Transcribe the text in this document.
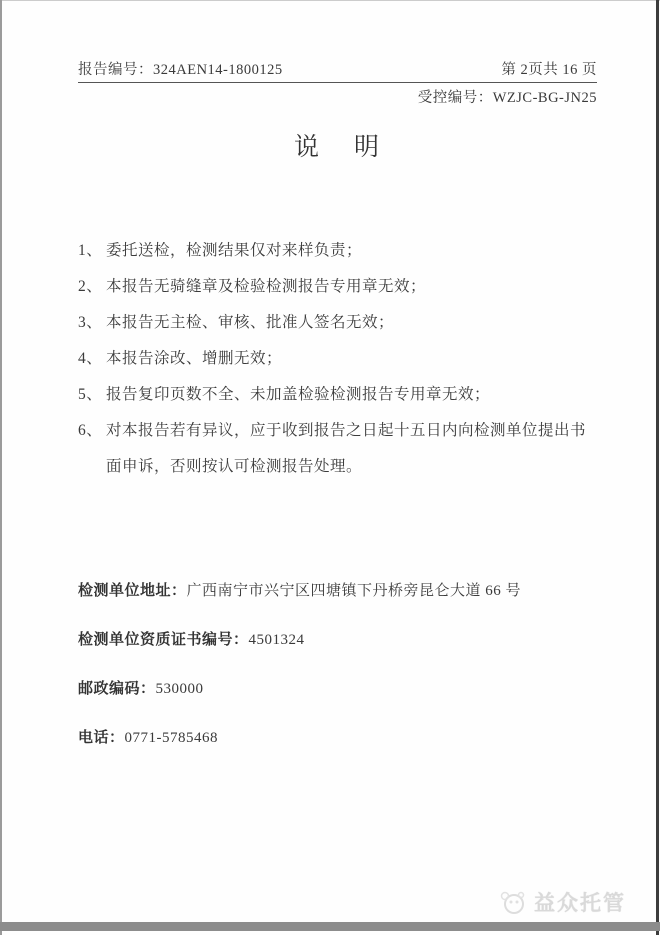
报告编号：324AEN14-1800125	第 2页共 16 页
受控编号：WZJC-BG-JN25
说    明
1、 委托送检，检测结果仅对来样负责；
2、 本报告无骑缝章及检验检测报告专用章无效；
3、 本报告无主检、审核、批准人签名无效；
4、 本报告涂改、增删无效；
5、 报告复印页数不全、未加盖检验检测报告专用章无效；
6、 对本报告若有异议，应于收到报告之日起十五日内向检测单位提出书面申诉，否则按认可检测报告处理。
检测单位地址：广西南宁市兴宁区四塘镇下丹桥旁昆仑大道 66 号
检测单位资质证书编号：4501324
邮政编码：530000
电话：0771-5785468
益众托管
